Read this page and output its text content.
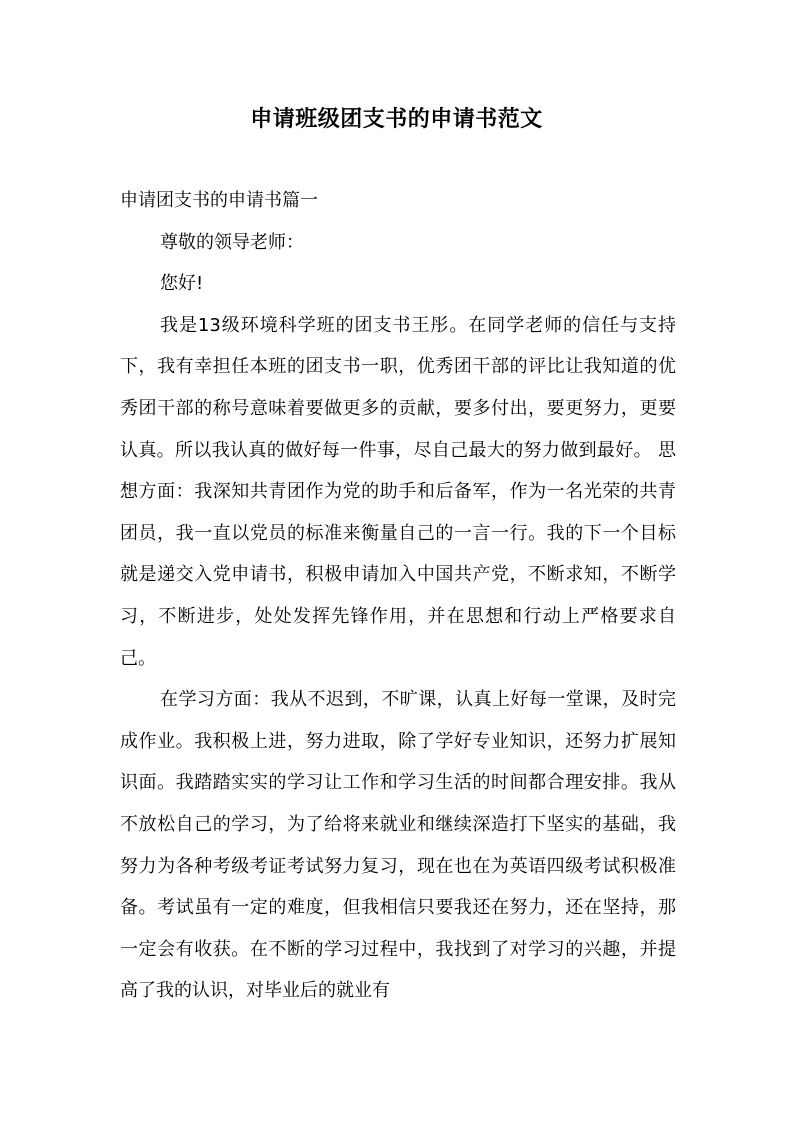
申请班级团支书的申请书范文

申请团支书的申请书篇一

尊敬的领导老师：

您好!

我是13级环境科学班的团支书王彤。在同学老师的信任与支持下，我有幸担任本班的团支书一职，优秀团干部的评比让我知道的优秀团干部的称号意味着要做更多的贡献，要多付出，要更努力，更要认真。所以我认真的做好每一件事，尽自己最大的努力做到最好。 思想方面：我深知共青团作为党的助手和后备军，作为一名光荣的共青团员，我一直以党员的标准来衡量自己的一言一行。我的下一个目标就是递交入党申请书，积极申请加入中国共产党，不断求知，不断学习，不断进步，处处发挥先锋作用，并在思想和行动上严格要求自己。

在学习方面：我从不迟到，不旷课，认真上好每一堂课，及时完成作业。我积极上进，努力进取，除了学好专业知识，还努力扩展知识面。我踏踏实实的学习让工作和学习生活的时间都合理安排。我从不放松自己的学习，为了给将来就业和继续深造打下坚实的基础，我努力为各种考级考证考试努力复习，现在也在为英语四级考试积极准备。考试虽有一定的难度，但我相信只要我还在努力，还在坚持，那一定会有收获。在不断的学习过程中，我找到了对学习的兴趣，并提高了我的认识，对毕业后的就业有
